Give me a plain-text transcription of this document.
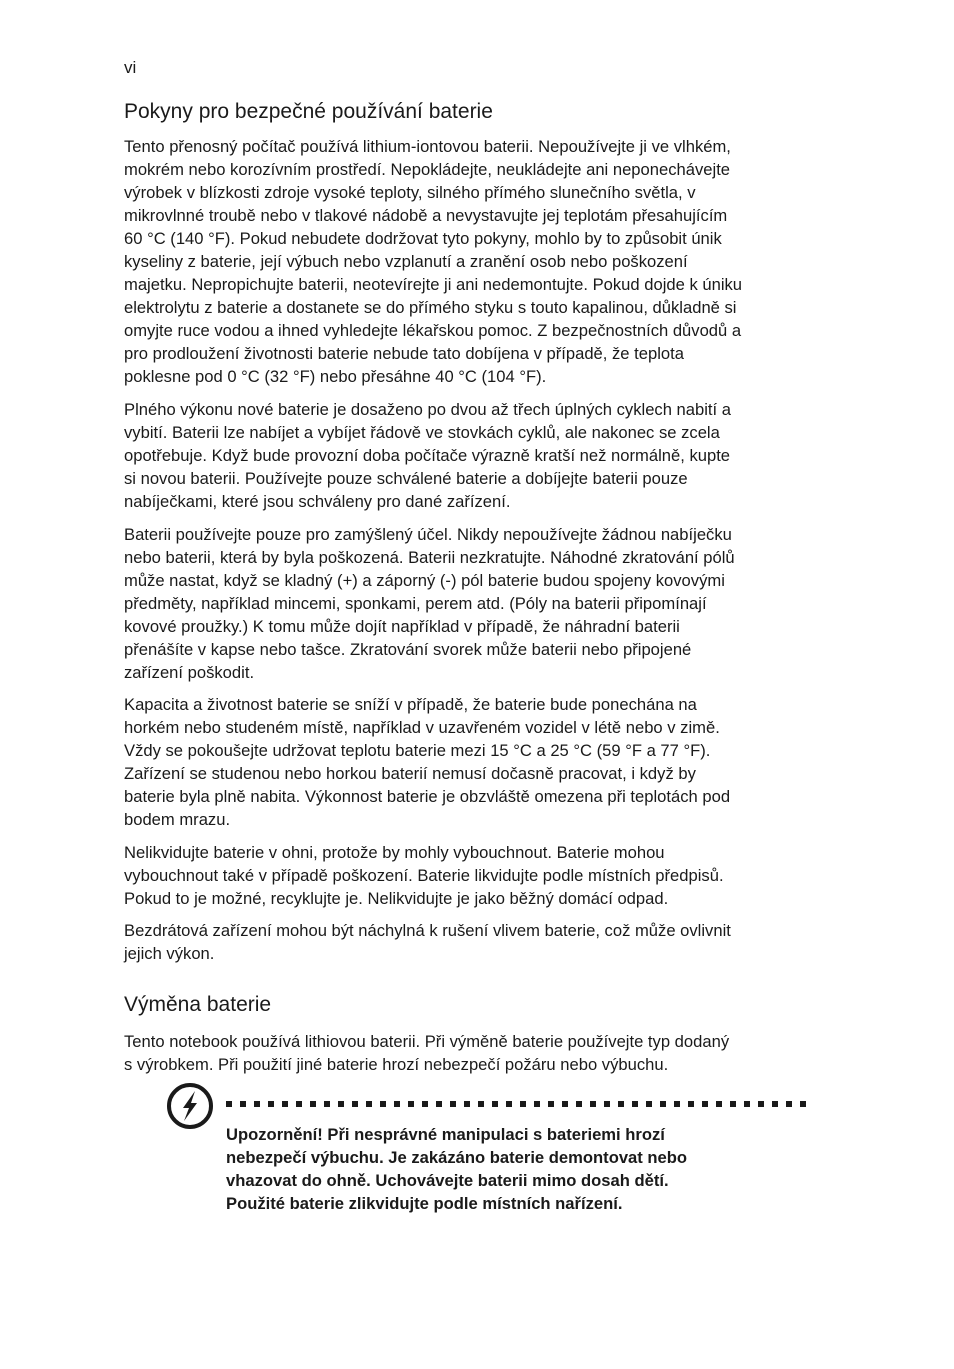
vi
Pokyny pro bezpečné používání baterie

Tento přenosný počítač používá lithium-iontovou baterii. Nepoužívejte ji ve vlhkém,
mokrém nebo korozívním prostředí. Nepokládejte, neukládejte ani neponechávejte
výrobek v blízkosti zdroje vysoké teploty, silného přímého slunečního světla, v
mikrovlnné troubě nebo v tlakové nádobě a nevystavujte jej teplotám přesahujícím
60 °C (140 °F). Pokud nebudete dodržovat tyto pokyny, mohlo by to způsobit únik
kyseliny z baterie, její výbuch nebo vzplanutí a zranění osob nebo poškození
majetku. Nepropichujte baterii, neotevírejte ji ani nedemontujte. Pokud dojde k úniku
elektrolytu z baterie a dostanete se do přímého styku s touto kapalinou, důkladně si
omyjte ruce vodou a ihned vyhledejte lékařskou pomoc. Z bezpečnostních důvodů a
pro prodloužení životnosti baterie nebude tato dobíjena v případě, že teplota
poklesne pod 0 °C (32 °F) nebo přesáhne 40 °C (104 °F).

Plného výkonu nové baterie je dosaženo po dvou až třech úplných cyklech nabití a
vybití. Baterii lze nabíjet a vybíjet řádově ve stovkách cyklů, ale nakonec se zcela
opotřebuje. Když bude provozní doba počítače výrazně kratší než normálně, kupte
si novou baterii. Používejte pouze schválené baterie a dobíjejte baterii pouze
nabíječkami, které jsou schváleny pro dané zařízení.

Baterii používejte pouze pro zamýšlený účel. Nikdy nepoužívejte žádnou nabíječku
nebo baterii, která by byla poškozená. Baterii nezkratujte. Náhodné zkratování pólů
může nastat, když se kladný (+) a záporný (-) pól baterie budou spojeny kovovými
předměty, například mincemi, sponkami, perem atd. (Póly na baterii připomínají
kovové proužky.) K tomu může dojít například v případě, že náhradní baterii
přenášíte v kapse nebo tašce. Zkratování svorek může baterii nebo připojené
zařízení poškodit.

Kapacita a životnost baterie se sníží v případě, že baterie bude ponechána na
horkém nebo studeném místě, například v uzavřeném vozidel v létě nebo v zimě.
Vždy se pokoušejte udržovat teplotu baterie mezi 15 °C a 25 °C (59 °F a 77 °F).
Zařízení se studenou nebo horkou baterií nemusí dočasně pracovat, i když by
baterie byla plně nabita. Výkonnost baterie je obzvláště omezena při teplotách pod
bodem mrazu.

Nelikvidujte baterie v ohni, protože by mohly vybouchnout. Baterie mohou
vybouchnout také v případě poškození. Baterie likvidujte podle místních předpisů.
Pokud to je možné, recyklujte je. Nelikvidujte je jako běžný domácí odpad.

Bezdrátová zařízení mohou být náchylná k rušení vlivem baterie, což může ovlivnit
jejich výkon.

Výměna baterie

Tento notebook používá lithiovou baterii. Při výměně baterie používejte typ dodaný
s výrobkem. Při použití jiné baterie hrozí nebezpečí požáru nebo výbuchu.

Upozornění! Při nesprávné manipulaci s bateriemi hrozí
nebezpečí výbuchu. Je zakázáno baterie demontovat nebo
vhazovat do ohně. Uchovávejte baterii mimo dosah dětí.
Použité baterie zlikvidujte podle místních nařízení.
